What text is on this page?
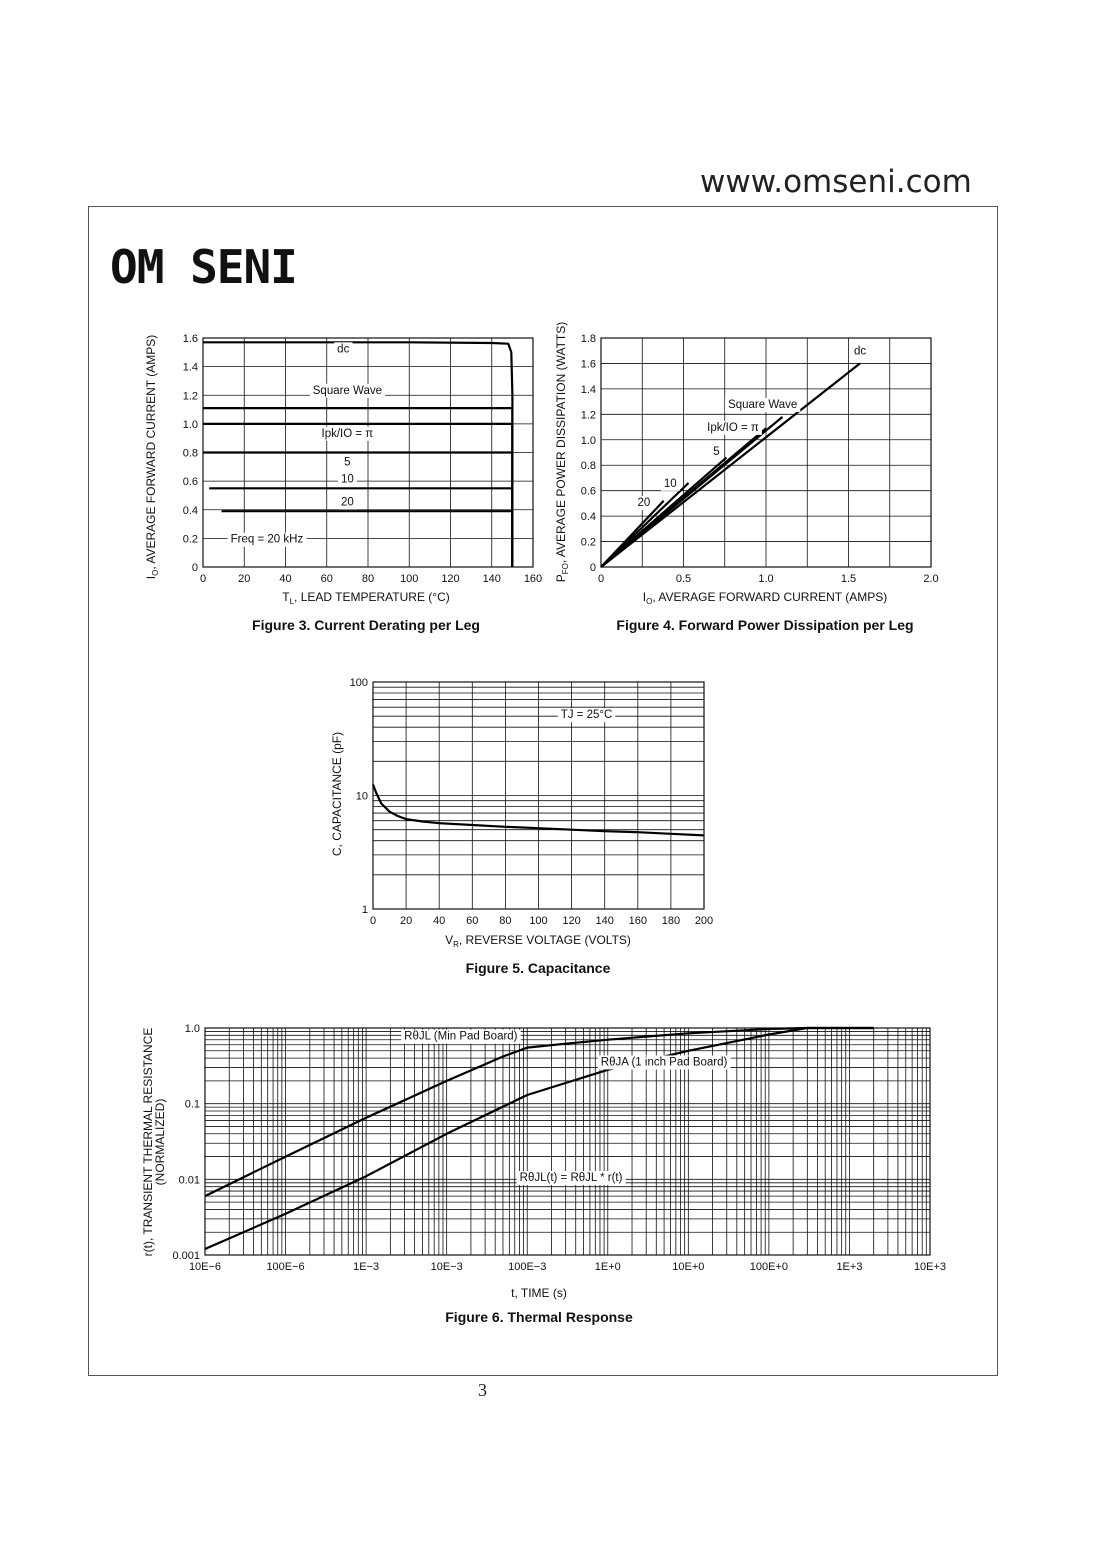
www.omseni.com
OM SENI
3
dc
Square Wave
Ipk/IO = π
5
10
20
Freq = 20 kHz
0	20	40	60	80 100 120 140 160
0
0.2
0.4
0.6
0.8
1.0
1.2
1.4
1.6
$T_L$, LEAD TEMPERATURE (°C)
$I_O$, AVERAGE FORWARD CURRENT (AMPS)
Figure 3. Current Derating per Leg
dc
Square Wave
Ipk/IO = π
5
10
20
0	0.5	1.0	1.5	2.0
0
0.2
0.4
0.6
0.8
1.0
1.2
1.4
1.6
1.8
$I_O$, AVERAGE FORWARD CURRENT (AMPS)
$P_{FO}$, AVERAGE POWER DISSIPATION (WATTS)
Figure 4. Forward Power Dissipation per Leg
TJ = 25°C
0 20 40 60 80 100 120 140 160 180 200
1
10
100
$V_R$, REVERSE VOLTAGE (VOLTS)
C, CAPACITANCE (pF)
Figure 5. Capacitance
RθJL (Min Pad Board)
RθJA (1 inch Pad Board)
RθJL(t) = RθJL * r(t)
10E−6	100E−6	1E−3	10E−3	100E−3	1E+0	10E+0	100E+0	1E+3	10E+3
0.001
0.01
0.1
1.0
t, TIME (s)
r(t), TRANSIENT THERMAL RESISTANCE
(NORMALIZED)
Figure 6. Thermal Response
